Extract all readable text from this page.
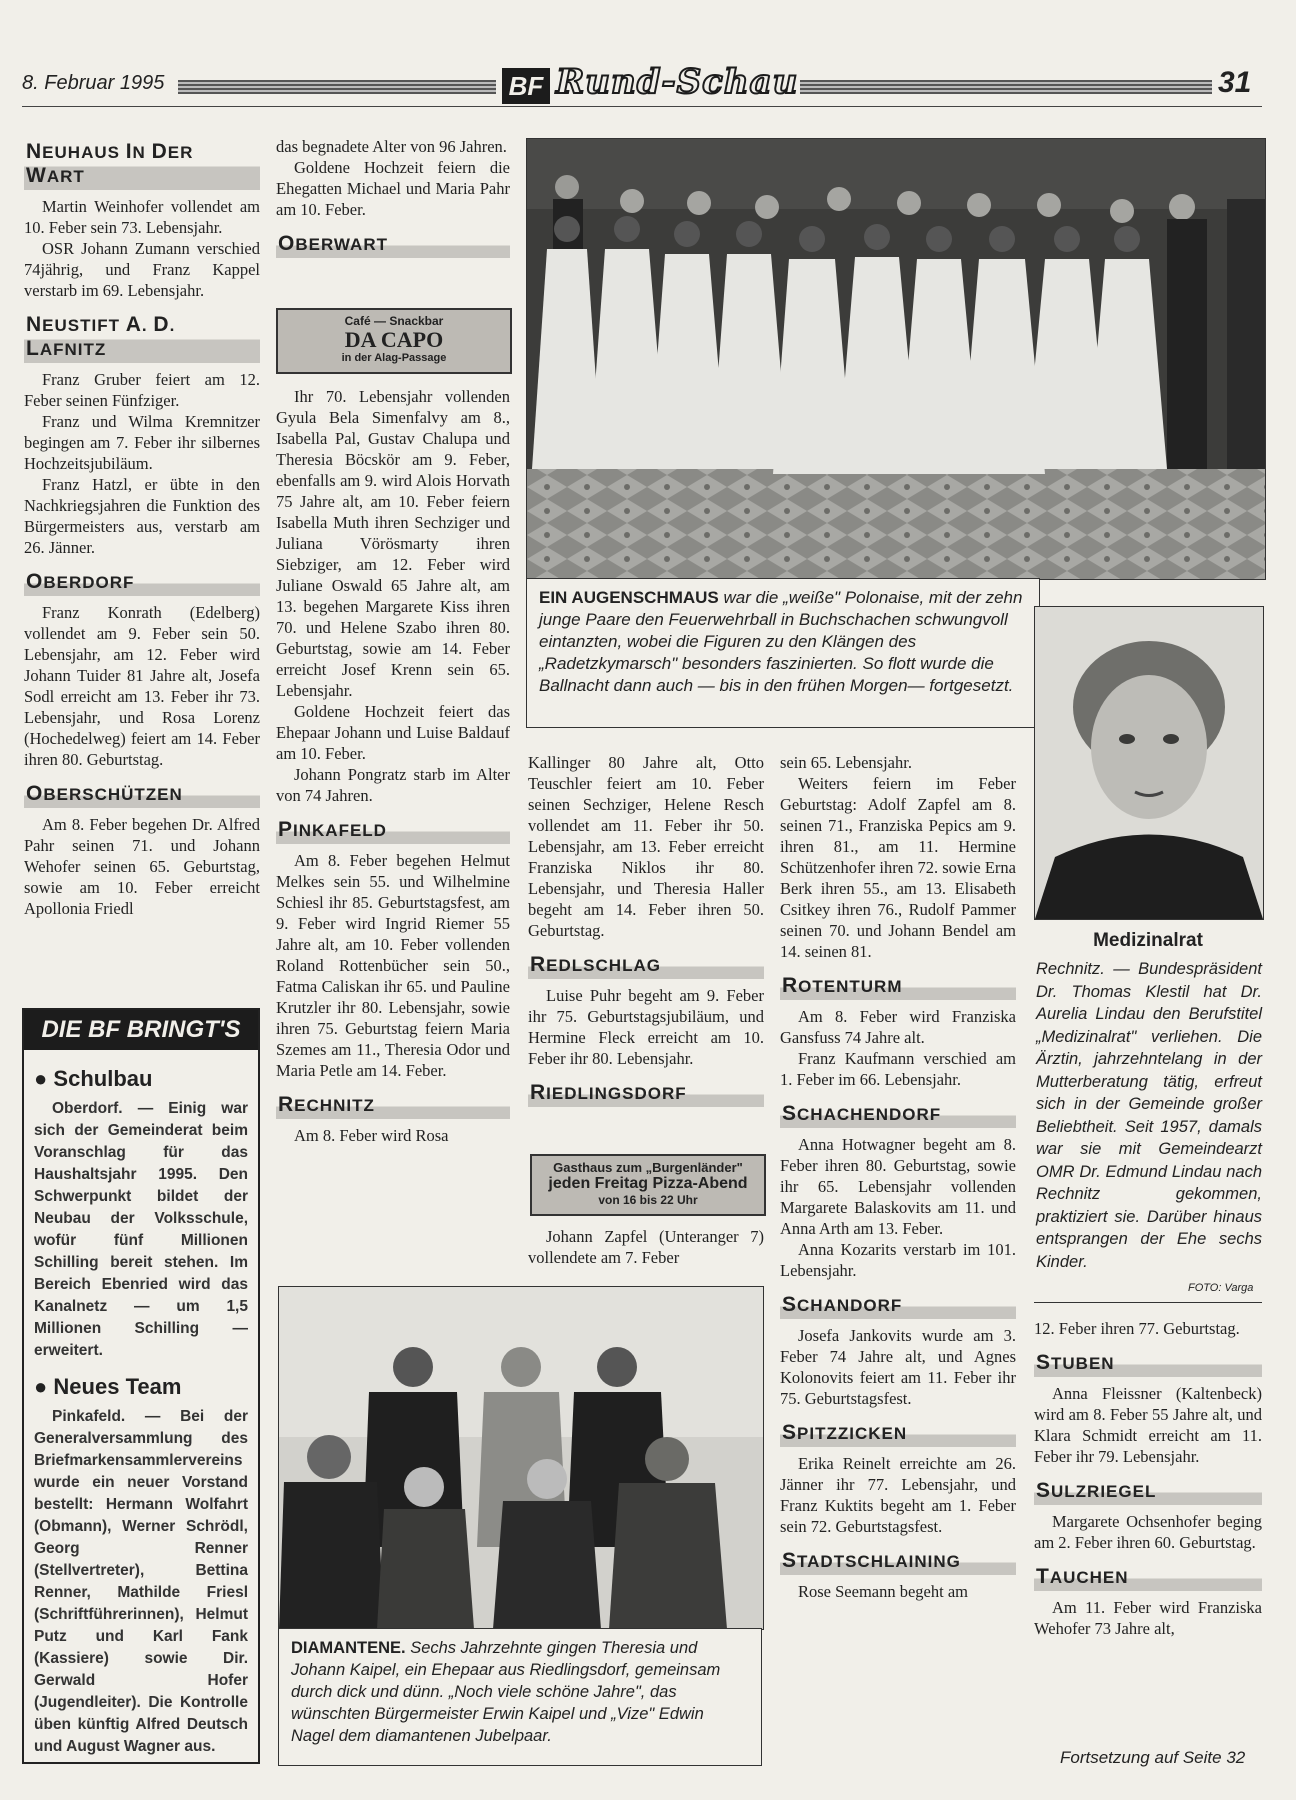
8. Februar 1995	BF Rund-Schau	31
NEUHAUS IN DER WART

Martin Weinhofer vollendet am 10. Feber sein 73. Lebensjahr.

OSR Johann Zumann verschied 74jährig, und Franz Kappel verstarb im 69. Lebensjahr.

NEUSTIFT A. D. LAFNITZ

Franz Gruber feiert am 12. Feber seinen Fünfziger.

Franz und Wilma Kremnitzer begingen am 7. Feber ihr silbernes Hochzeitsjubiläum.

Franz Hatzl, er übte in den Nachkriegsjahren die Funktion des Bürgermeisters aus, verstarb am 26. Jänner.

OBERDORF

Franz Konrath (Edelberg) vollendet am 9. Feber sein 50. Lebensjahr, am 12. Feber wird Johann Tuider 81 Jahre alt, Josefa Sodl erreicht am 13. Feber ihr 73. Lebensjahr, und Rosa Lorenz (Hochedelweg) feiert am 14. Feber ihren 80. Geburtstag.

OBERSCHÜTZEN

Am 8. Feber begehen Dr. Alfred Pahr seinen 71. und Johann Wehofer seinen 65. Geburtstag, sowie am 10. Feber erreicht Apollonia Friedl

DIE BF BRINGT'S
● Schulbau

Oberdorf. — Einig war sich der Gemeinderat beim Voranschlag für das Haushaltsjahr 1995. Den Schwerpunkt bildet der Neubau der Volksschule, wofür fünf Millionen Schilling bereit stehen. Im Bereich Ebenried wird das Kanalnetz — um 1,5 Millionen Schilling — erweitert.

● Neues Team

Pinkafeld. — Bei der Generalversammlung des Briefmarkensammlervereins wurde ein neuer Vorstand bestellt: Hermann Wolfahrt (Obmann), Werner Schrödl, Georg Renner (Stellvertreter), Bettina Renner, Mathilde Friesl (Schriftführerinnen), Helmut Putz und Karl Fank (Kassiere) sowie Dir. Gerwald Hofer (Jugendleiter). Die Kontrolle üben künftig Alfred Deutsch und August Wagner aus.

das begnadete Alter von 96 Jahren.

Goldene Hochzeit feiern die Ehegatten Michael und Maria Pahr am 10. Feber.

OBERWART
Café — Snackbar
DA CAPO
in der Alag-Passage

Ihr 70. Lebensjahr vollenden Gyula Bela Simenfalvy am 8., Isabella Pal, Gustav Chalupa und Theresia Böcskör am 9. Feber, ebenfalls am 9. wird Alois Horvath 75 Jahre alt, am 10. Feber feiern Isabella Muth ihren Sechziger und Juliana Vörösmarty ihren Siebziger, am 12. Feber wird Juliane Oswald 65 Jahre alt, am 13. begehen Margarete Kiss ihren 70. und Helene Szabo ihren 80. Geburtstag, sowie am 14. Feber erreicht Josef Krenn sein 65. Lebensjahr.

Goldene Hochzeit feiert das Ehepaar Johann und Luise Baldauf am 10. Feber.

Johann Pongratz starb im Alter von 74 Jahren.

PINKAFELD

Am 8. Feber begehen Helmut Melkes sein 55. und Wilhelmine Schiesl ihr 85. Geburtstagsfest, am 9. Feber wird Ingrid Riemer 55 Jahre alt, am 10. Feber vollenden Roland Rottenbücher sein 50., Fatma Caliskan ihr 65. und Pauline Krutzler ihr 80. Lebensjahr, sowie ihren 75. Geburtstag feiern Maria Szemes am 11., Theresia Odor und Maria Petle am 14. Feber.

RECHNITZ

Am 8. Feber wird Rosa

EIN AUGENSCHMAUS war die „weiße" Polonaise, mit der zehn junge Paare den Feuerwehrball in Buchschachen schwungvoll eintanzten, wobei die Figuren zu den Klängen des „Radetzkymarsch" besonders faszinierten. So flott wurde die Ballnacht dann auch — bis in den frühen Morgen— fortgesetzt.

Medizinalrat

Rechnitz. — Bundespräsident Dr. Thomas Klestil hat Dr. Aurelia Lindau den Berufstitel „Medizinalrat" verliehen. Die Ärztin, jahrzehntelang in der Mutterberatung tätig, erfreut sich in der Gemeinde großer Beliebtheit. Seit 1957, damals war sie mit Gemeindearzt OMR Dr. Edmund Lindau nach Rechnitz gekommen, praktiziert sie. Darüber hinaus entsprangen der Ehe sechs Kinder.

FOTO: Varga

Kallinger 80 Jahre alt, Otto Teuschler feiert am 10. Feber seinen Sechziger, Helene Resch vollendet am 11. Feber ihr 50. Lebensjahr, am 13. Feber erreicht Franziska Niklos ihr 80. Lebensjahr, und Theresia Haller begeht am 14. Feber ihren 50. Geburtstag.

REDLSCHLAG

Luise Puhr begeht am 9. Feber ihr 75. Geburtstagsjubiläum, und Hermine Fleck erreicht am 10. Feber ihr 80. Lebensjahr.

RIEDLINGSDORF
Gasthaus zum „Burgenländer"
jeden Freitag Pizza-Abend
von 16 bis 22 Uhr

Johann Zapfel (Unteranger 7) vollendete am 7. Feber

DIAMANTENE. Sechs Jahrzehnte gingen Theresia und Johann Kaipel, ein Ehepaar aus Riedlingsdorf, gemeinsam durch dick und dünn. „Noch viele schöne Jahre", das wünschten Bürgermeister Erwin Kaipel und „Vize" Edwin Nagel dem diamantenen Jubelpaar.

sein 65. Lebensjahr.

Weiters feiern im Feber Geburtstag: Adolf Zapfel am 8. seinen 71., Franziska Pepics am 9. ihren 81., am 11. Hermine Schützenhofer ihren 72. sowie Erna Berk ihren 55., am 13. Elisabeth Csitkey ihren 76., Rudolf Pammer seinen 70. und Johann Bendel am 14. seinen 81.

ROTENTURM

Am 8. Feber wird Franziska Gansfuss 74 Jahre alt.

Franz Kaufmann verschied am 1. Feber im 66. Lebensjahr.

SCHACHENDORF

Anna Hotwagner begeht am 8. Feber ihren 80. Geburtstag, sowie ihr 65. Lebensjahr vollenden Margarete Balaskovits am 11. und Anna Arth am 13. Feber.

Anna Kozarits verstarb im 101. Lebensjahr.

SCHANDORF

Josefa Jankovits wurde am 3. Feber 74 Jahre alt, und Agnes Kolonovits feiert am 11. Feber ihr 75. Geburtstagsfest.

SPITZZICKEN

Erika Reinelt erreichte am 26. Jänner ihr 77. Lebensjahr, und Franz Kuktits begeht am 1. Feber sein 72. Geburtstagsfest.

STADTSCHLAINING

Rose Seemann begeht am

12. Feber ihren 77. Geburtstag.

STUBEN

Anna Fleissner (Kaltenbeck) wird am 8. Feber 55 Jahre alt, und Klara Schmidt erreicht am 11. Feber ihr 79. Lebensjahr.

SULZRIEGEL

Margarete Ochsenhofer beging am 2. Feber ihren 60. Geburtstag.

TAUCHEN

Am 11. Feber wird Franziska Wehofer 73 Jahre alt,

Fortsetzung auf Seite 32
